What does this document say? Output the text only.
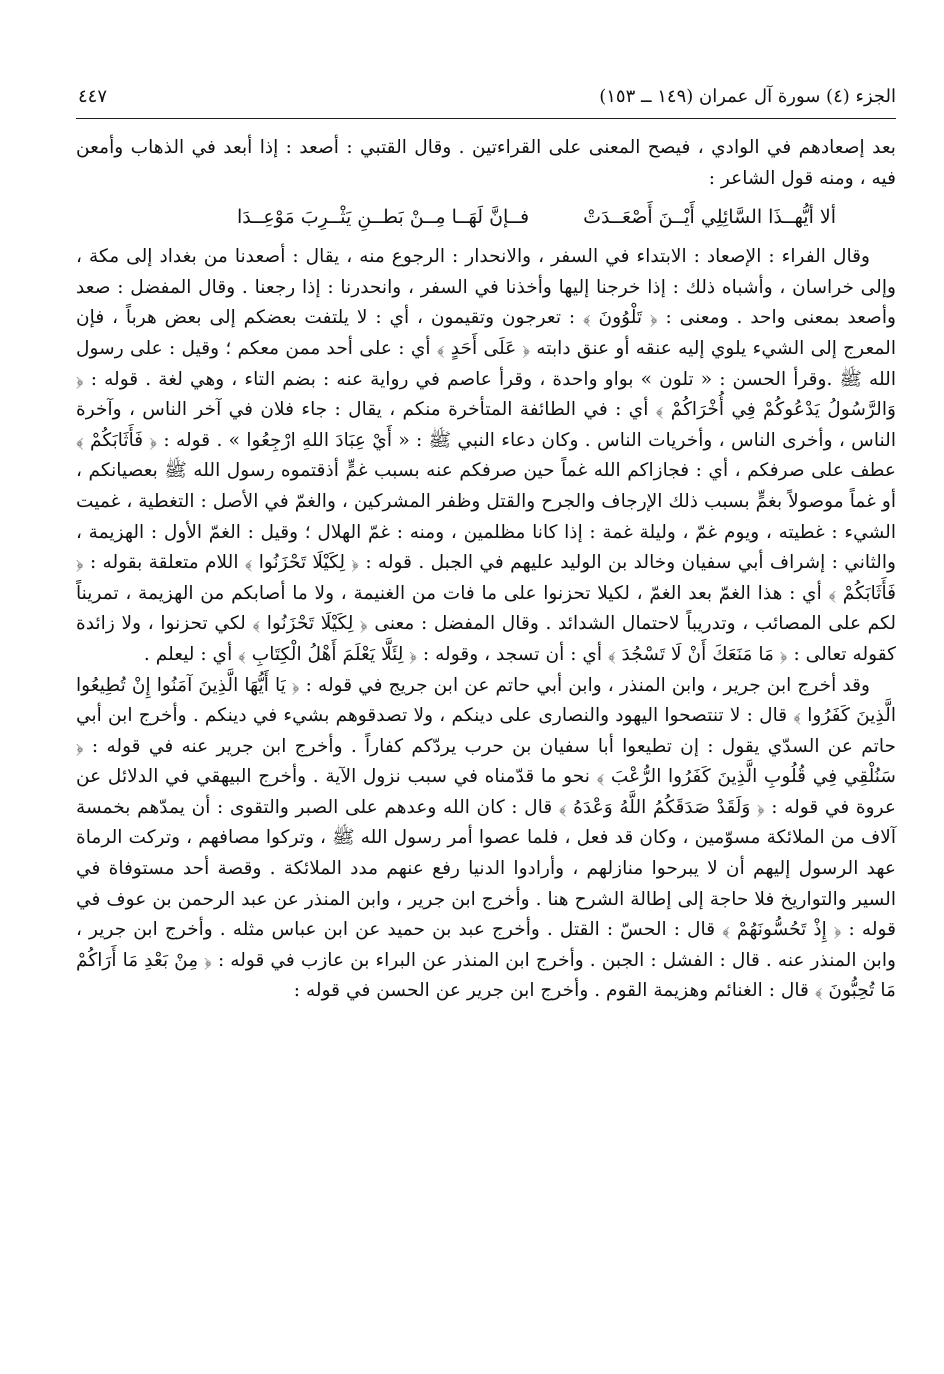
الجزء (٤) سورة آل عمران (١٤٩ ــ ١٥٣)
٤٤٧

بعد إصعادهم في الوادي ، فيصح المعنى على القراءتين . وقال القتبي : أصعد : إذا أبعد في الذهاب وأمعن فيه ، ومنه قول الشاعر :

ألا أيُّهــذَا السَّائِلِي أَيْــنَ أَصْعَــدَتْ
فــإنَّ لَهَــا مِــنْ بَطــنِ يَثْــرِبَ مَوْعِــدَا

وقال الفراء : الإصعاد : الابتداء في السفر ، والانحدار : الرجوع منه ، يقال : أصعدنا من بغداد إلى مكة ، وإلى خراسان ، وأشباه ذلك : إذا خرجنا إليها وأخذنا في السفر ، وانحدرنا : إذا رجعنا . وقال المفضل : صعد وأصعد بمعنى واحد . ومعنى : ﴿ تَلْوُونَ ﴾ : تعرجون وتقيمون ، أي : لا يلتفت بعضكم إلى بعض هرباً ، فإن المعرج إلى الشيء يلوي إليه عنقه أو عنق دابته ﴿ عَلَى أَحَدٍ ﴾ أي : على أحد ممن معكم ؛ وقيل : على رسول الله ﷺ .وقرأ الحسن : « تلون » بواو واحدة ، وقرأ عاصم في رواية عنه : بضم التاء ، وهي لغة . قوله : ﴿ وَالرَّسُولُ يَدْعُوكُمْ فِي أُخْرَاكُمْ ﴾ أي : في الطائفة المتأخرة منكم ، يقال : جاء فلان في آخر الناس ، وآخرة الناس ، وأخرى الناس ، وأخريات الناس . وكان دعاء النبي ﷺ : « أَيْ عِبَادَ اللهِ ارْجِعُوا » . قوله : ﴿ فَأَثَابَكُمْ ﴾ عطف على صرفكم ، أي : فجازاكم الله غماً حين صرفكم عنه بسبب غمٍّ أذقتموه رسول الله ﷺ بعصيانكم ، أو غماً موصولاً بغمٍّ بسبب ذلك الإرجاف والجرح والقتل وظفر المشركين ، والغمّ في الأصل : التغطية ، غميت الشيء : غطيته ، ويوم غمّ ، وليلة غمة : إذا كانا مظلمين ، ومنه : غمّ الهلال ؛ وقيل : الغمّ الأول : الهزيمة ، والثاني : إشراف أبي سفيان وخالد بن الوليد عليهم في الجبل . قوله : ﴿ لِكَيْلَا تَحْزَنُوا ﴾ اللام متعلقة بقوله : ﴿ فَأَثَابَكُمْ ﴾ أي : هذا الغمّ بعد الغمّ ، لكيلا تحزنوا على ما فات من الغنيمة ، ولا ما أصابكم من الهزيمة ، تمريناً لكم على المصائب ، وتدريباً لاحتمال الشدائد . وقال المفضل : معنى ﴿ لِكَيْلَا تَحْزَنُوا ﴾ لكي تحزنوا ، ولا زائدة كقوله تعالى : ﴿ مَا مَنَعَكَ أَنْ لَا تَسْجُدَ ﴾ أي : أن تسجد ، وقوله : ﴿ لِئَلَّا يَعْلَمَ أَهْلُ الْكِتَابِ ﴾ أي : ليعلم .

وقد أخرج ابن جرير ، وابن المنذر ، وابن أبي حاتم عن ابن جريج في قوله : ﴿ يَا أَيُّهَا الَّذِينَ آمَنُوا إِنْ تُطِيعُوا الَّذِينَ كَفَرُوا ﴾ قال : لا تنتصحوا اليهود والنصارى على دينكم ، ولا تصدقوهم بشيء في دينكم . وأخرج ابن أبي حاتم عن السدّي يقول : إن تطيعوا أبا سفيان بن حرب يردّكم كفاراً . وأخرج ابن جرير عنه في قوله : ﴿ سَنُلْقِي فِي قُلُوبِ الَّذِينَ كَفَرُوا الرُّعْبَ ﴾ نحو ما قدّمناه في سبب نزول الآية . وأخرج البيهقي في الدلائل عن عروة في قوله : ﴿ وَلَقَدْ صَدَقَكُمُ اللَّهُ وَعْدَهُ ﴾ قال : كان الله وعدهم على الصبر والتقوى : أن يمدّهم بخمسة آلاف من الملائكة مسوّمين ، وكان قد فعل ، فلما عصوا أمر رسول الله ﷺ ، وتركوا مصافهم ، وتركت الرماة عهد الرسول إليهم أن لا يبرحوا منازلهم ، وأرادوا الدنيا رفع عنهم مدد الملائكة . وقصة أحد مستوفاة في السير والتواريخ فلا حاجة إلى إطالة الشرح هنا . وأخرج ابن جرير ، وابن المنذر عن عبد الرحمن بن عوف في قوله : ﴿ إِذْ تَحُسُّونَهُمْ ﴾ قال : الحسّ : القتل . وأخرج عبد بن حميد عن ابن عباس مثله . وأخرج ابن جرير ، وابن المنذر عنه . قال : الفشل : الجبن . وأخرج ابن المنذر عن البراء بن عازب في قوله : ﴿ مِنْ بَعْدِ مَا أَرَاكُمْ مَا تُحِبُّونَ ﴾ قال : الغنائم وهزيمة القوم . وأخرج ابن جرير عن الحسن في قوله :
